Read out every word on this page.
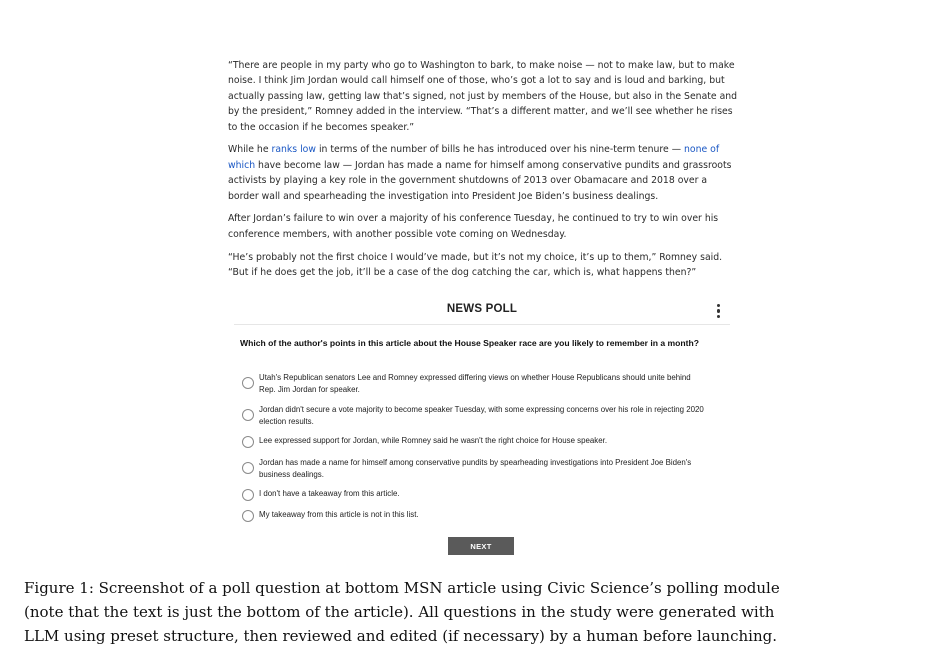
“There are people in my party who go to Washington to bark, to make noise — not to make law, but to make noise. I think Jim Jordan would call himself one of those, who’s got a lot to say and is loud and barking, but actually passing law, getting law that’s signed, not just by members of the House, but also in the Senate and by the president,” Romney added in the interview. “That’s a different matter, and we’ll see whether he rises to the occasion if he becomes speaker.”

While he ranks low in terms of the number of bills he has introduced over his nine-term tenure — none of which have become law — Jordan has made a name for himself among conservative pundits and grassroots activists by playing a key role in the government shutdowns of 2013 over Obamacare and 2018 over a border wall and spearheading the investigation into President Joe Biden’s business dealings.

After Jordan’s failure to win over a majority of his conference Tuesday, he continued to try to win over his conference members, with another possible vote coming on Wednesday.

“He’s probably not the first choice I would’ve made, but it’s not my choice, it’s up to them,” Romney said. “But if he does get the job, it’ll be a case of the dog catching the car, which is, what happens then?”

NEWS POLL
Which of the author's points in this article about the House Speaker race are you likely to remember in a month?
Utah's Republican senators Lee and Romney expressed differing views on whether House Republicans should unite behind Rep. Jim Jordan for speaker.
Jordan didn't secure a vote majority to become speaker Tuesday, with some expressing concerns over his role in rejecting 2020 election results.
Lee expressed support for Jordan, while Romney said he wasn't the right choice for House speaker.
Jordan has made a name for himself among conservative pundits by spearheading investigations into President Joe Biden's business dealings.
I don't have a takeaway from this article.
My takeaway from this article is not in this list.
NEXT
Figure 1: Screenshot of a poll question at bottom MSN article using Civic Science’s polling module
(note that the text is just the bottom of the article). All questions in the study were generated with
LLM using preset structure, then reviewed and edited (if necessary) by a human before launching.
